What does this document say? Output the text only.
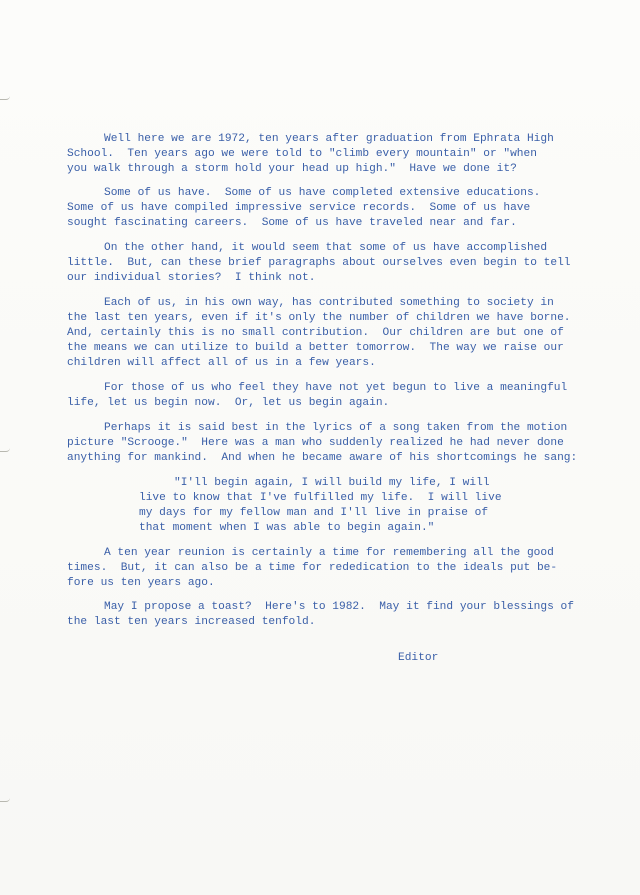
Well here we are 1972, ten years after graduation from Ephrata High
School.  Ten years ago we were told to "climb every mountain" or "when
you walk through a storm hold your head up high."  Have we done it?
Some of us have.  Some of us have completed extensive educations.
Some of us have compiled impressive service records.  Some of us have
sought fascinating careers.  Some of us have traveled near and far.
On the other hand, it would seem that some of us have accomplished
little.  But, can these brief paragraphs about ourselves even begin to tell
our individual stories?  I think not.
Each of us, in his own way, has contributed something to society in
the last ten years, even if it's only the number of children we have borne.
And, certainly this is no small contribution.  Our children are but one of
the means we can utilize to build a better tomorrow.  The way we raise our
children will affect all of us in a few years.
For those of us who feel they have not yet begun to live a meaningful
life, let us begin now.  Or, let us begin again.
Perhaps it is said best in the lyrics of a song taken from the motion
picture "Scrooge."  Here was a man who suddenly realized he had never done
anything for mankind.  And when he became aware of his shortcomings he sang:
"I'll begin again, I will build my life, I will
live to know that I've fulfilled my life.  I will live
my days for my fellow man and I'll live in praise of
that moment when I was able to begin again."
A ten year reunion is certainly a time for remembering all the good
times.  But, it can also be a time for rededication to the ideals put be-
fore us ten years ago.
May I propose a toast?  Here's to 1982.  May it find your blessings of
the last ten years increased tenfold.
Editor
